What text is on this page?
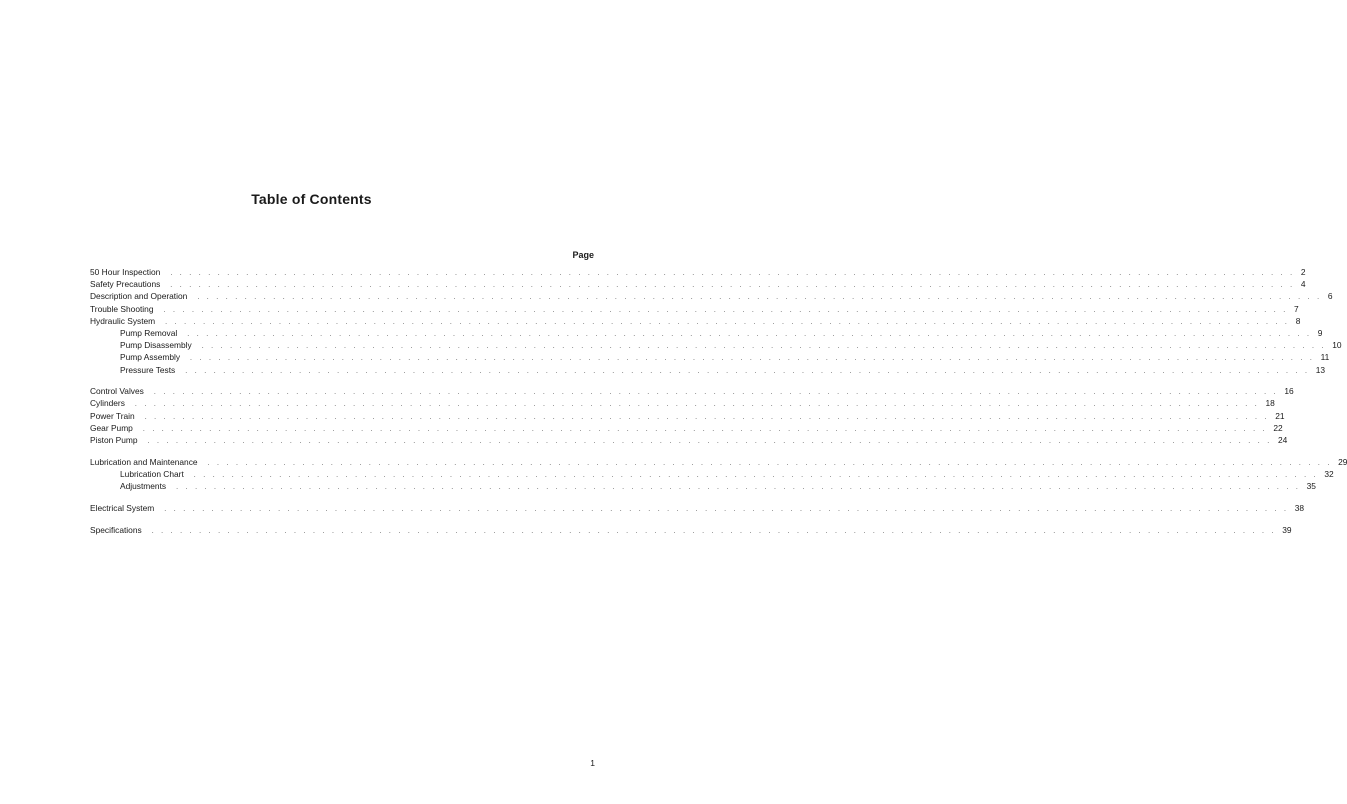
Table of Contents
Page
50 Hour Inspection . . . . . . . . . . . . . . . . . . . . . . . . . . . . . . . . . . . . . . . . . . . . . . . . . . . . . . . . . . . . . . . . . . . . . . . . . . . . . . . . . . . . . . . . . . . . . . . . . . . . . . . . . . . . . . . . . . . . . . . 2
Safety Precautions . . . . . . . . . . . . . . . . . . . . . . . . . . . . . . . . . . . . . . . . . . . . . . . . . . . . . . . . . . . . . . . . . . . . . . . . . . . . . . . . . . . . . . . . . . . . . . . . . . . . . . . . . . . . . . . . . . . . . . . 4
Description and Operation . . . . . . . . . . . . . . . . . . . . . . . . . . . . . . . . . . . . . . . . . . . . . . . . . . . . . . . . . . . . . . . . . . . . . . . . . . . . . . . . . . . . . . . . . . . . . . . . . . . . . . . . . . . . . . . . . . . . . . . 6
Trouble Shooting . . . . . . . . . . . . . . . . . . . . . . . . . . . . . . . . . . . . . . . . . . . . . . . . . . . . . . . . . . . . . . . . . . . . . . . . . . . . . . . . . . . . . . . . . . . . . . . . . . . . . . . . . . . . . . . . . . . . . . . 7
Hydraulic System . . . . . . . . . . . . . . . . . . . . . . . . . . . . . . . . . . . . . . . . . . . . . . . . . . . . . . . . . . . . . . . . . . . . . . . . . . . . . . . . . . . . . . . . . . . . . . . . . . . . . . . . . . . . . . . . . . . . . . . 8
Pump Removal . . . . . . . . . . . . . . . . . . . . . . . . . . . . . . . . . . . . . . . . . . . . . . . . . . . . . . . . . . . . . . . . . . . . . . . . . . . . . . . . . . . . . . . . . . . . . . . . . . . . . . . . . . . . . . . . . . . . . . . 9
Pump Disassembly . . . . . . . . . . . . . . . . . . . . . . . . . . . . . . . . . . . . . . . . . . . . . . . . . . . . . . . . . . . . . . . . . . . . . . . . . . . . . . . . . . . . . . . . . . . . . . . . . . . . . . . . . . . . . . . . . . . . . . . 10
Pump Assembly . . . . . . . . . . . . . . . . . . . . . . . . . . . . . . . . . . . . . . . . . . . . . . . . . . . . . . . . . . . . . . . . . . . . . . . . . . . . . . . . . . . . . . . . . . . . . . . . . . . . . . . . . . . . . . . . . . . . . . . 11
Pressure Tests . . . . . . . . . . . . . . . . . . . . . . . . . . . . . . . . . . . . . . . . . . . . . . . . . . . . . . . . . . . . . . . . . . . . . . . . . . . . . . . . . . . . . . . . . . . . . . . . . . . . . . . . . . . . . . . . . . . . . . . 13
Control Valves . . . . . . . . . . . . . . . . . . . . . . . . . . . . . . . . . . . . . . . . . . . . . . . . . . . . . . . . . . . . . . . . . . . . . . . . . . . . . . . . . . . . . . . . . . . . . . . . . . . . . . . . . . . . . . . . . . . . . . . 16
Cylinders . . . . . . . . . . . . . . . . . . . . . . . . . . . . . . . . . . . . . . . . . . . . . . . . . . . . . . . . . . . . . . . . . . . . . . . . . . . . . . . . . . . . . . . . . . . . . . . . . . . . . . . . . . . . . . . . . . . . . . . 18
Power Train . . . . . . . . . . . . . . . . . . . . . . . . . . . . . . . . . . . . . . . . . . . . . . . . . . . . . . . . . . . . . . . . . . . . . . . . . . . . . . . . . . . . . . . . . . . . . . . . . . . . . . . . . . . . . . . . . . . . . . . 21
Gear Pump . . . . . . . . . . . . . . . . . . . . . . . . . . . . . . . . . . . . . . . . . . . . . . . . . . . . . . . . . . . . . . . . . . . . . . . . . . . . . . . . . . . . . . . . . . . . . . . . . . . . . . . . . . . . . . . . . . . . . . . 22
Piston Pump . . . . . . . . . . . . . . . . . . . . . . . . . . . . . . . . . . . . . . . . . . . . . . . . . . . . . . . . . . . . . . . . . . . . . . . . . . . . . . . . . . . . . . . . . . . . . . . . . . . . . . . . . . . . . . . . . . . . . . . 24
Lubrication and Maintenance . . . . . . . . . . . . . . . . . . . . . . . . . . . . . . . . . . . . . . . . . . . . . . . . . . . . . . . . . . . . . . . . . . . . . . . . . . . . . . . . . . . . . . . . . . . . . . . . . . . . . . . . . . . . . . . . . . . . . . . 29
Lubrication Chart . . . . . . . . . . . . . . . . . . . . . . . . . . . . . . . . . . . . . . . . . . . . . . . . . . . . . . . . . . . . . . . . . . . . . . . . . . . . . . . . . . . . . . . . . . . . . . . . . . . . . . . . . . . . . . . . . . . . . . . 32
Adjustments . . . . . . . . . . . . . . . . . . . . . . . . . . . . . . . . . . . . . . . . . . . . . . . . . . . . . . . . . . . . . . . . . . . . . . . . . . . . . . . . . . . . . . . . . . . . . . . . . . . . . . . . . . . . . . . . . . . . . . . 35
Electrical System . . . . . . . . . . . . . . . . . . . . . . . . . . . . . . . . . . . . . . . . . . . . . . . . . . . . . . . . . . . . . . . . . . . . . . . . . . . . . . . . . . . . . . . . . . . . . . . . . . . . . . . . . . . . . . . . . . . . . . . 38
Specifications . . . . . . . . . . . . . . . . . . . . . . . . . . . . . . . . . . . . . . . . . . . . . . . . . . . . . . . . . . . . . . . . . . . . . . . . . . . . . . . . . . . . . . . . . . . . . . . . . . . . . . . . . . . . . . . . . . . . . . . 39
1
